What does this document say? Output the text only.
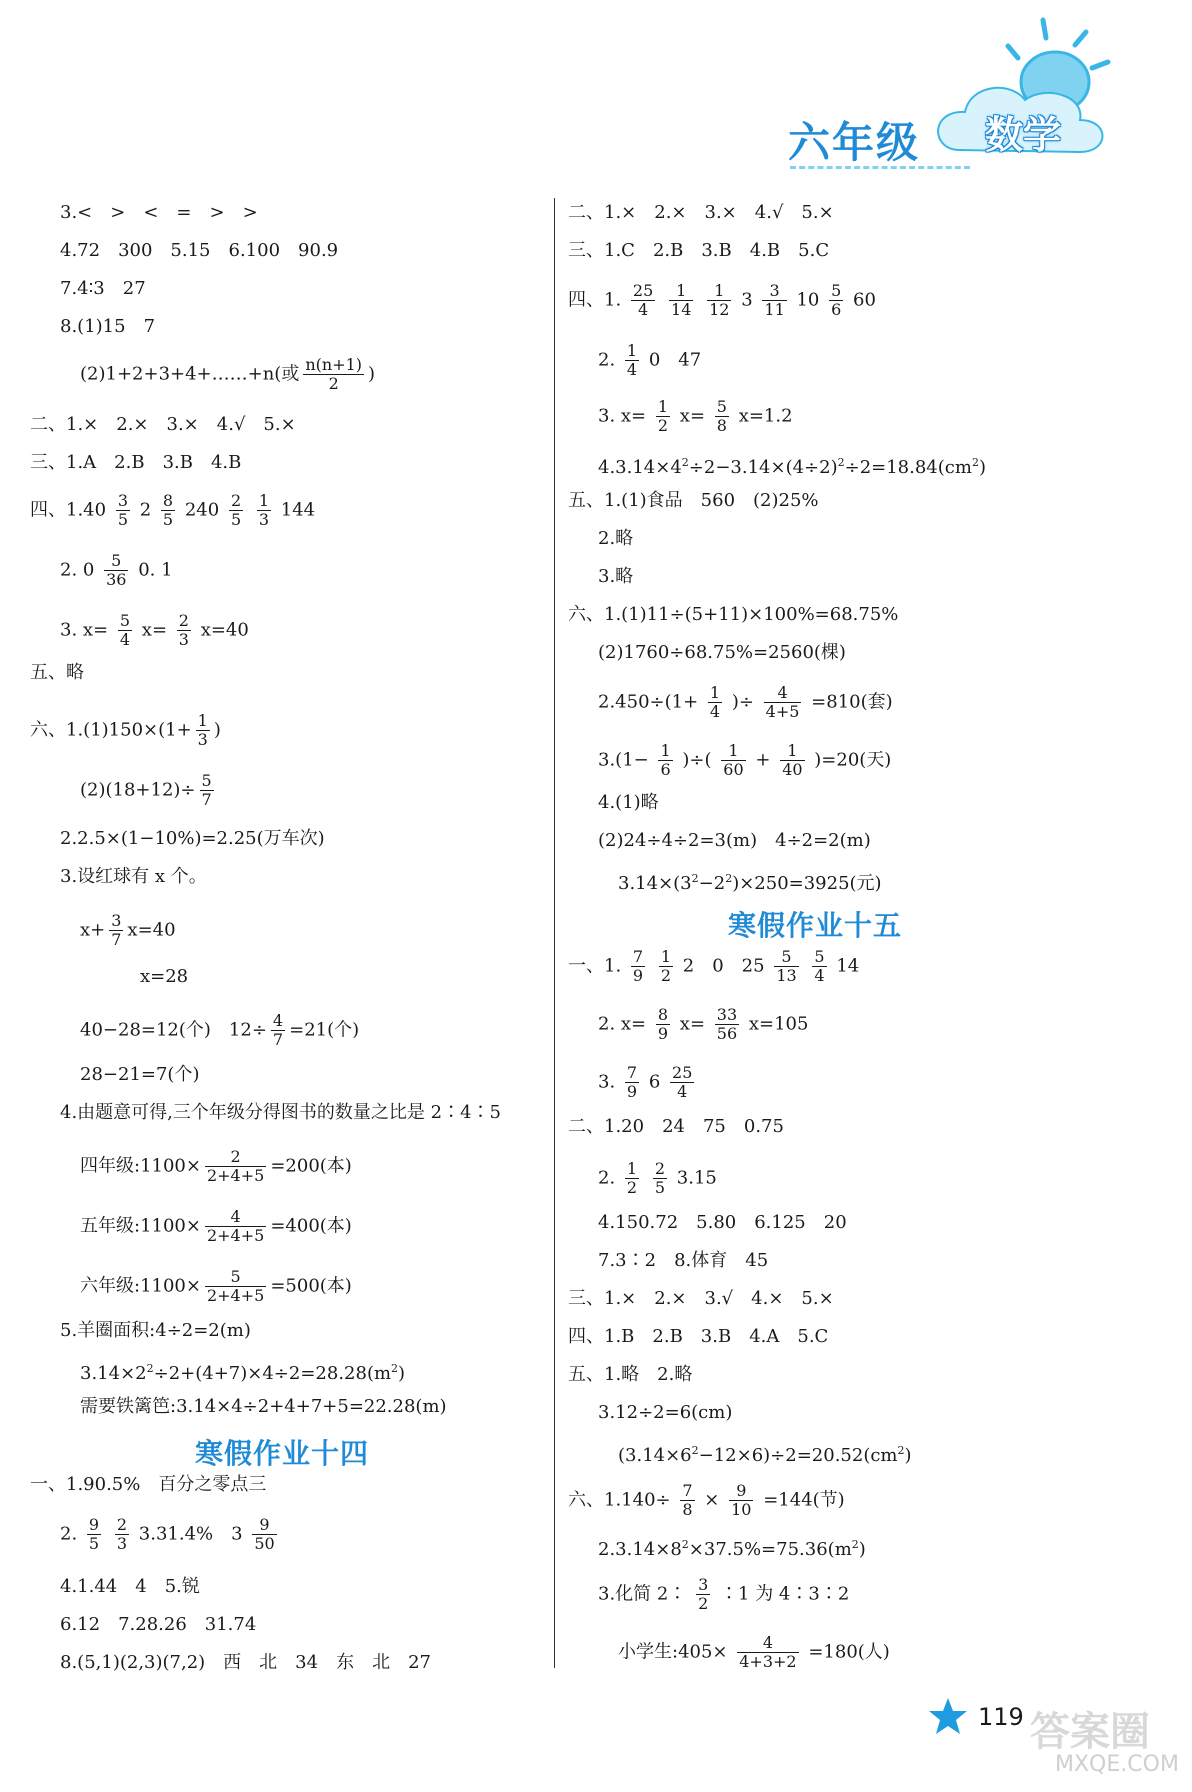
六年级 数学
3.<　>　<　=　>　>
4.72　300　5.15　6.100　90.9
7.4∶3　27
8.(1)15　7
(2)1+2+3+4+……+n(或 $\frac{n(n+1)}{2}$ )
二、1.×　2.×　3.×　4.√　5.×
三、1.A　2.B　3.B　4.B
四、$1.40 \frac{3}{5} 2 \frac{8}{5} 240 \frac{2}{5}$
$\frac{1}{3} 144$
2. $0 \frac{5}{36} 0$. 1
3. $x= \frac{5}{4} x= \frac{2}{3} x=40$
五、略
六、$1.(1)150\times(1+ \frac{1}{3}$ )
$(2)(18+12)\div \frac{5}{7}$
2.2.5×(1−10%)=2.25(万车次)
3.设红球有 x 个。
$x+ \frac{3}{7} x=40$
x=28
40−28=12(个)　$12\div \frac{4}{7} =21$(个)
28−21=7(个)
4.由题意可得,三个年级分得图书的数量之比是 2∶4∶5
四年级:1100× $\frac{2}{2+4+5} =200$(本)
五年级:1100× $\frac{4}{2+4+5} =400$(本)
六年级:1100× $\frac{5}{2+4+5} =500$(本)
5.羊圈面积:4÷2=2(m)
$3.14\times 2^2\div 2+(4+7)\times 4\div 2=28.28(m^2)$
需要铁篱笆:3.14×4÷2+4+7+5=22.28(m)
寒假作业十四
一、1.90.5%　百分之零点三
2. $\frac{9}{5}$
$\frac{2}{3} 3.31.4\%$　$3 \frac{9}{50}$
4.1.44　4　5.锐
6.12　7.28.26　31.74
8.(5,1)(2,3)(7,2)　西　北　34　东　北　27
二、1.×　2.×　3.×　4.√　5.×
三、1.C　2.B　3.B　4.B　5.C
四、1. $\frac{25}{4}$
$\frac{1}{14}$
$\frac{1}{12} 3 \frac{3}{11} 10 \frac{5}{6} 60$
2. $\frac{1}{4} 0$　47
3. $x= \frac{1}{2} x= \frac{5}{8} x=1.2$
$4.3.14\times 4^2\div 2-3.14\times(4\div 2)^2\div 2=18.84(cm^2)$
五、1.(1)食品　560　(2)25%
2.略
3.略
六、1.(1)11÷(5+11)×100%=68.75%
(2)1760÷68.75%=2560(棵)
$2.450\div(1+ \frac{1}{4}$ )÷ $\frac{4}{4+5} =810$(套)
$3.(1- \frac{1}{6}$ )÷( $\frac{1}{60} + \frac{1}{40} )=20$(天)
4.(1)略
(2)24÷4÷2=3(m)　4÷2=2(m)
$3.14\times(3^2-2^2)\times 250=3925$(元)
寒假作业十五
一、1. $\frac{7}{9}$
$\frac{1}{2} 2$　0　$25 \frac{5}{13}$
$\frac{5}{4} 14$
2. $x= \frac{8}{9} x= \frac{33}{56} x=105$
3. $\frac{7}{9} 6 \frac{25}{4}$
二、1.20　24　75　0.75
2. $\frac{1}{2}$
$\frac{2}{5} 3.15$
4.150.72　5.80　6.125　20
7.3∶2　8.体育　45
三、1.×　2.×　3.√　4.×　5.×
四、1.B　2.B　3.B　4.A　5.C
五、1.略　2.略
3.12÷2=6(cm)
$(3.14\times 6^2-12\times 6)\div 2=20.52(cm^2)$
六、$1.140\div \frac{7}{8} \times \frac{9}{10} =144$(节)
$2.3.14\times 8^2\times 37.5\%=75.36(m^2)$
3.化简 2∶ $\frac{3}{2}$ ∶1 为 4∶3∶2
小学生:405× $\frac{4}{4+3+2} =180$(人)
119 答案圈
MXQE.COM
